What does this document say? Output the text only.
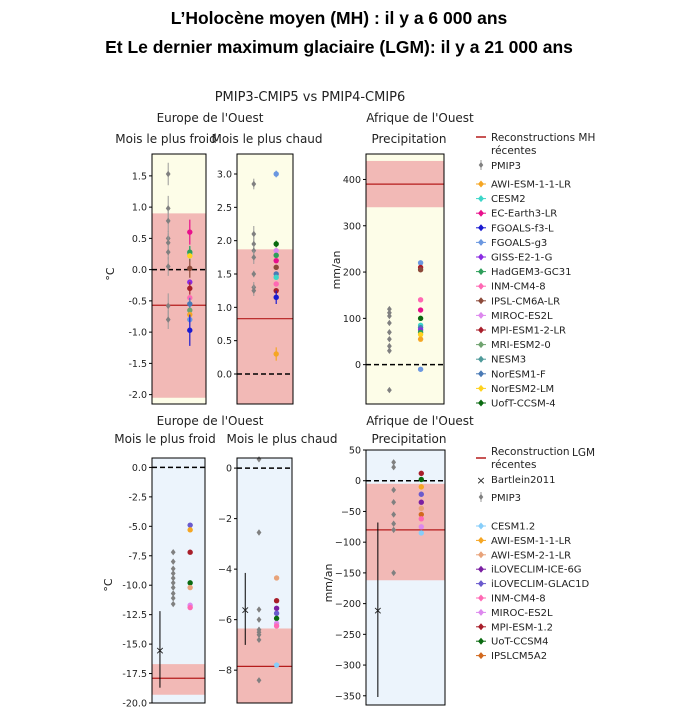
L’Holocène moyen (MH) : il y a 6 000 ans
Et Le dernier maximum glaciaire (LGM): il y a 21 000 ans
PMIP3-CMIP5 vs PMIP4-CMIP6
Europe de l'Ouest	Afrique de l'Ouest
Mois le plus froid
Mois le plus chaud	Precipitation
Europe de l'Ouest	Afrique de l'Ouest
Mois le plus froid Mois le plus chaud	Precipitation
°C	mm/an
°C	mm/an
1.5
1.0
0.5
0.0
-0.5
-1.0
-1.5
-2.0
3.0
2.5
2.0
1.5
1.0
0.5
0.0
400
300
200
100
0
×
0.0
-2.5
-5.0
-7.5
-10.0
-12.5
-15.0
-17.5
-20.0
×
0
−2
−4
−6
−8
×
50
0
−50
−100
−150
−200
−250
−300
−350
Reconstructions MH
récentes
PMIP3
AWI-ESM-1-1-LR
CESM2
EC-Earth3-LR
FGOALS-f3-L
FGOALS-g3
GISS-E2-1-G
HadGEM3-GC31
INM-CM4-8
IPSL-CM6A-LR
MIROC-ES2L
MPI-ESM1-2-LR
MRI-ESM2-0
NESM3
NorESM1-F
NorESM2-LM
UofT-CCSM-4
Reconstruction LGM
récentes
× Bartlein2011
PMIP3
CESM1.2
AWI-ESM-1-1-LR
AWI-ESM-2-1-LR
iLOVECLIM-ICE-6G
iLOVECLIM-GLAC1D
INM-CM4-8
MIROC-ES2L
MPI-ESM-1.2
UoT-CCSM4
IPSLCM5A2
